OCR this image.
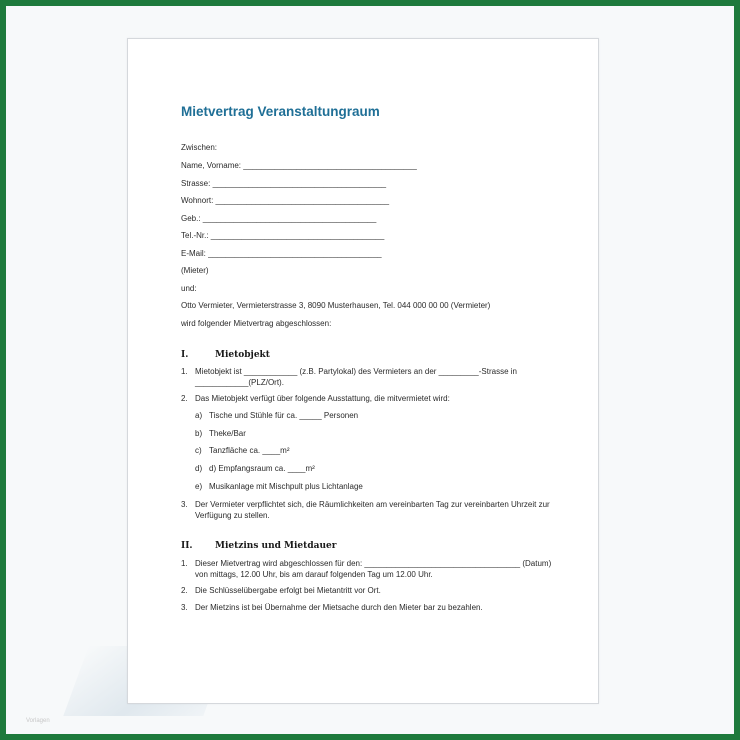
Vorlagen
Mietvertrag Veranstaltungraum
Zwischen:
Name, Vorname: _______________________________________
Strasse: _______________________________________
Wohnort: _______________________________________
Geb.: _______________________________________
Tel.-Nr.: _______________________________________
E-Mail: _______________________________________
(Mieter)
und:
Otto Vermieter, Vermieterstrasse 3, 8090 Musterhausen, Tel. 044 000 00 00 (Vermieter)
wird folgender Mietvertrag abgeschlossen:
I.	Mietobjekt
1. Mietobjekt ist ____________ (z.B. Partylokal) des Vermieters an der _________-Strasse in ____________(PLZ/Ort).
2. Das Mietobjekt verfügt über folgende Ausstattung, die mitvermietet wird:
a) Tische und Stühle für ca. _____ Personen
b) Theke/Bar
c) Tanzfläche ca. ____m²
d) d) Empfangsraum ca. ____m²
e) Musikanlage mit Mischpult plus Lichtanlage
3. Der Vermieter verpflichtet sich, die Räumlichkeiten am vereinbarten Tag zur vereinbarten Uhrzeit zur Verfügung zu stellen.
II. Mietzins und Mietdauer
1. Dieser Mietvertrag wird abgeschlossen für den: ___________________________________ (Datum) von mittags, 12.00 Uhr, bis am darauf folgenden Tag um 12.00 Uhr.
2. Die Schlüsselübergabe erfolgt bei Mietantritt vor Ort.
3. Der Mietzins ist bei Übernahme der Mietsache durch den Mieter bar zu bezahlen.
